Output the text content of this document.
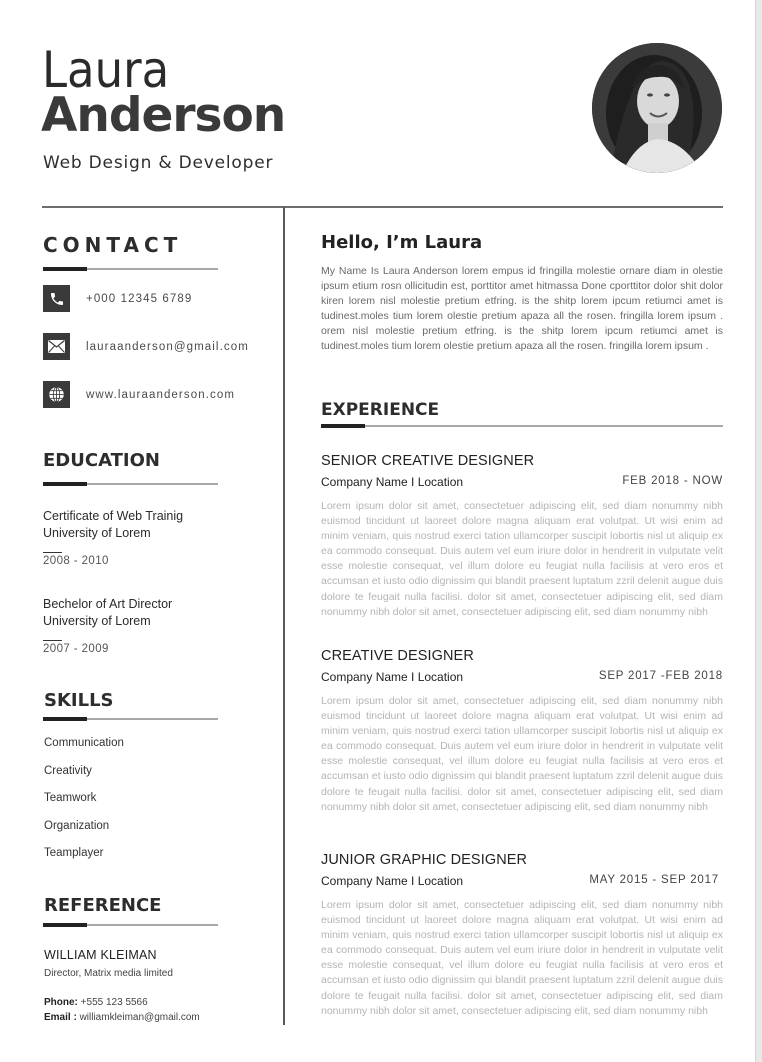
Laura
Anderson
Web Design & Developer
CONTACT
+000 12345 6789
lauraanderson@gmail.com
www.lauraanderson.com
EDUCATION
Certificate of Web Trainig
University of Lorem
2008 - 2010
Bechelor of Art Director
University of Lorem
2007 - 2009
SKILLS
Communication
Creativity
Teamwork
Organization
Teamplayer
REFERENCE
WILLIAM KLEIMAN
Director, Matrix media limited
Phone: +555 123 5566
Email : williamkleiman@gmail.com
Hello, I’m Laura
My Name Is Laura Anderson lorem empus id fringilla molestie ornare diam in olestie ipsum etium rosn ollicitudin est, porttitor amet hitmassa Done cporttitor dolor shit dolor kiren lorem nisl molestie pretium etfring. is the shitp lorem ipcum retiumci amet is tudinest.moles tium lorem olestie pretium apaza all the rosen. fringilla lorem ipsum . orem nisl molestie pretium etfring. is the shitp lorem ipcum retiumci amet is tudinest.moles tium lorem olestie pretium apaza all the rosen. fringilla lorem ipsum .
EXPERIENCE
SENIOR CREATIVE DESIGNER
Company Name I Location	FEB 2018 - NOW
Lorem ipsum dolor sit amet, consectetuer adipiscing elit, sed diam nonummy nibh euismod tincidunt ut laoreet dolore magna aliquam erat volutpat. Ut wisi enim ad minim veniam, quis nostrud exerci tation ullamcorper suscipit lobortis nisl ut aliquip ex ea commodo consequat. Duis autem vel eum iriure dolor in hendrerit in vulputate velit esse molestie consequat, vel illum dolore eu feugiat nulla facilisis at vero eros et accumsan et iusto odio dignissim qui blandit praesent luptatum zzril delenit augue duis dolore te feugait nulla facilisi. dolor sit amet, consectetuer adipiscing elit, sed diam nonummy nibh dolor sit amet, consectetuer adipiscing elit, sed diam nonummy nibh
CREATIVE DESIGNER
Company Name I Location	SEP 2017 -FEB 2018
Lorem ipsum dolor sit amet, consectetuer adipiscing elit, sed diam nonummy nibh euismod tincidunt ut laoreet dolore magna aliquam erat volutpat. Ut wisi enim ad minim veniam, quis nostrud exerci tation ullamcorper suscipit lobortis nisl ut aliquip ex ea commodo consequat. Duis autem vel eum iriure dolor in hendrerit in vulputate velit esse molestie consequat, vel illum dolore eu feugiat nulla facilisis at vero eros et accumsan et iusto odio dignissim qui blandit praesent luptatum zzril delenit augue duis dolore te feugait nulla facilisi. dolor sit amet, consectetuer adipiscing elit, sed diam nonummy nibh dolor sit amet, consectetuer adipiscing elit, sed diam nonummy nibh
JUNIOR GRAPHIC DESIGNER
Company Name I Location	MAY 2015 - SEP 2017
Lorem ipsum dolor sit amet, consectetuer adipiscing elit, sed diam nonummy nibh euismod tincidunt ut laoreet dolore magna aliquam erat volutpat. Ut wisi enim ad minim veniam, quis nostrud exerci tation ullamcorper suscipit lobortis nisl ut aliquip ex ea commodo consequat. Duis autem vel eum iriure dolor in hendrerit in vulputate velit esse molestie consequat, vel illum dolore eu feugiat nulla facilisis at vero eros et accumsan et iusto odio dignissim qui blandit praesent luptatum zzril delenit augue duis dolore te feugait nulla facilisi. dolor sit amet, consectetuer adipiscing elit, sed diam nonummy nibh dolor sit amet, consectetuer adipiscing elit, sed diam nonummy nibh
